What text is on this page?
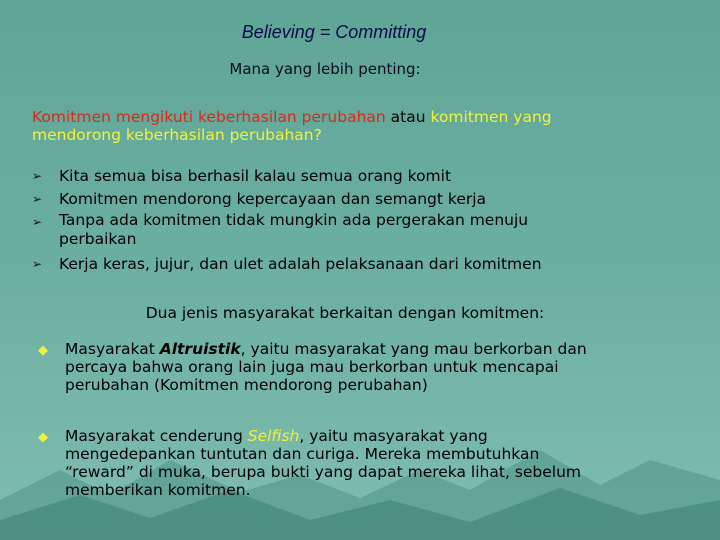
Believing = Committing
Mana yang lebih penting:
Komitmen mengikuti keberhasilan perubahan atau komitmen yang
mendorong keberhasilan perubahan?
➢ Kita semua bisa berhasil kalau semua orang komit
➢ Komitmen mendorong kepercayaan dan semangt kerja
➢ Tanpa ada komitmen tidak mungkin ada pergerakan menuju perbaikan
➢ Kerja keras, jujur, dan ulet adalah pelaksanaan dari komitmen
Dua jenis masyarakat berkaitan dengan komitmen:
◆ Masyarakat Altruistik, yaitu masyarakat yang mau berkorban dan
percaya bahwa orang lain juga mau berkorban untuk mencapai
perubahan (Komitmen mendorong perubahan)
◆ Masyarakat cenderung Selfish, yaitu masyarakat yang
mengedepankan tuntutan dan curiga. Mereka membutuhkan
“reward” di muka, berupa bukti yang dapat mereka lihat, sebelum
memberikan komitmen.
